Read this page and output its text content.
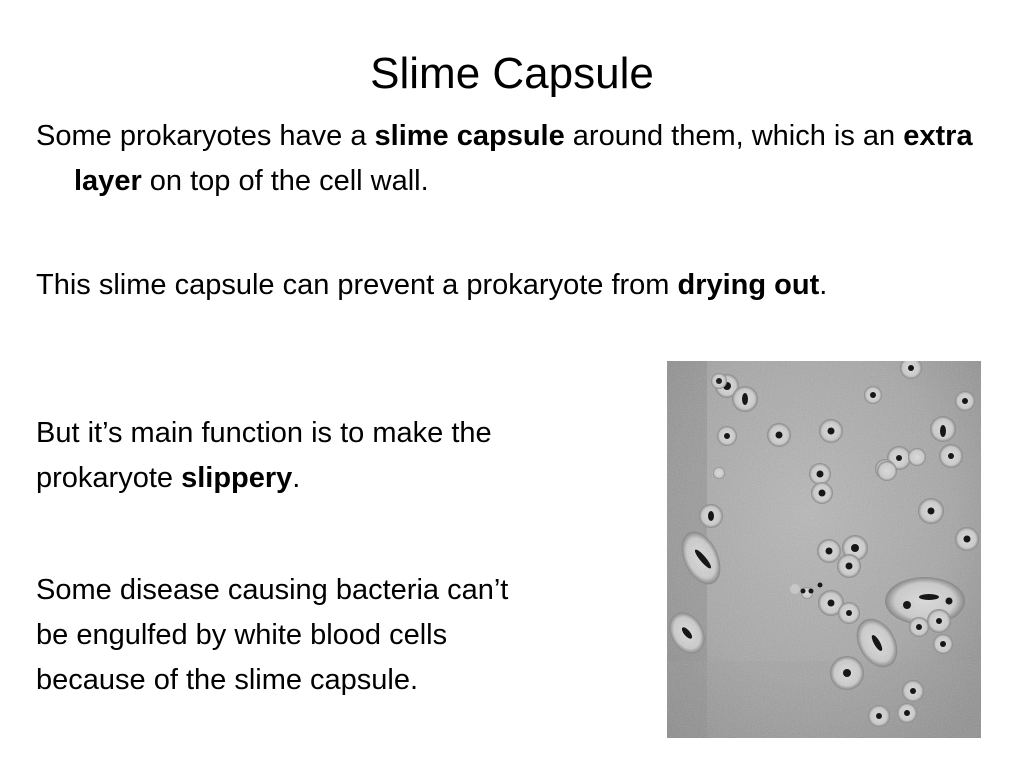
Slime Capsule

Some prokaryotes have a slime capsule around them, which is an extra layer on top of the cell wall.

This slime capsule can prevent a prokaryote from drying out.

But it’s main function is to make the
prokaryote slippery.

Some disease causing bacteria can’t
be engulfed by white blood cells
because of the slime capsule.
